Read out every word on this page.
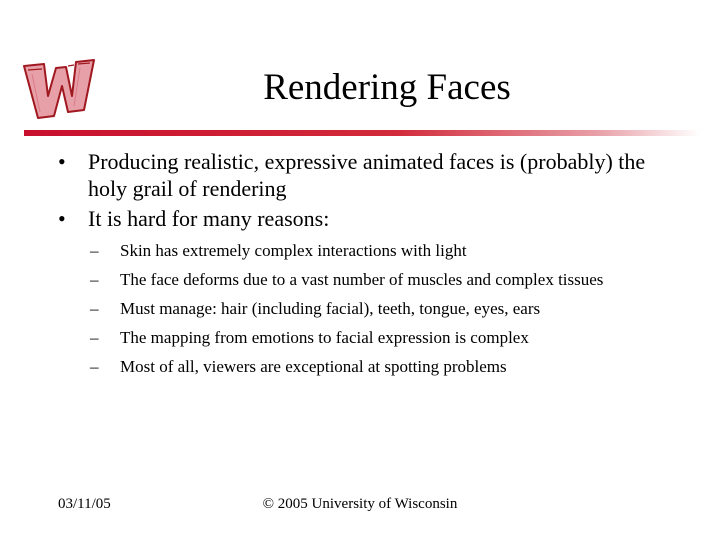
Rendering Faces
• Producing realistic, expressive animated faces is (probably) the holy grail of rendering
• It is hard for many reasons:
– Skin has extremely complex interactions with light
– The face deforms due to a vast number of muscles and complex tissues
– Must manage: hair (including facial), teeth, tongue, eyes, ears
– The mapping from emotions to facial expression is complex
– Most of all, viewers are exceptional at spotting problems
03/11/05	© 2005 University of Wisconsin
